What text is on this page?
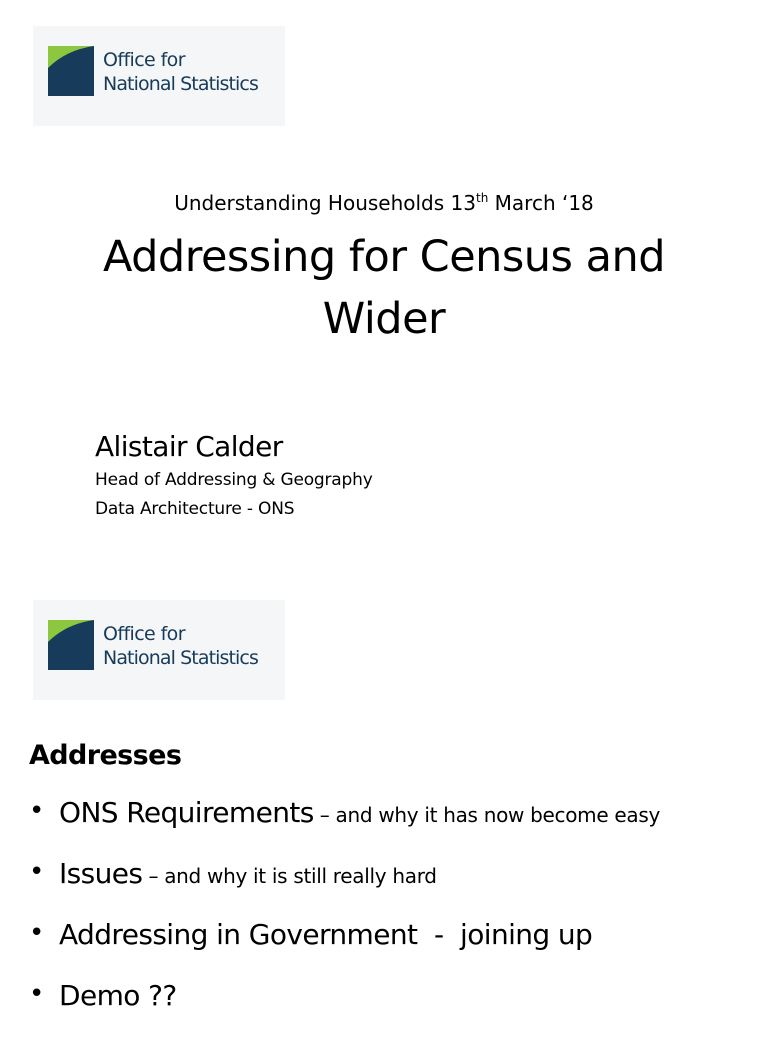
Office for
National Statistics
Understanding Households 13th March ‘18
Addressing for Census and
Wider
Alistair Calder
Head of Addressing & Geography
Data Architecture - ONS
Office for
National Statistics
Addresses
• ONS Requirements – and why it has now become easy
• Issues – and why it is still really hard
• Addressing in Government  -  joining up
• Demo ??
